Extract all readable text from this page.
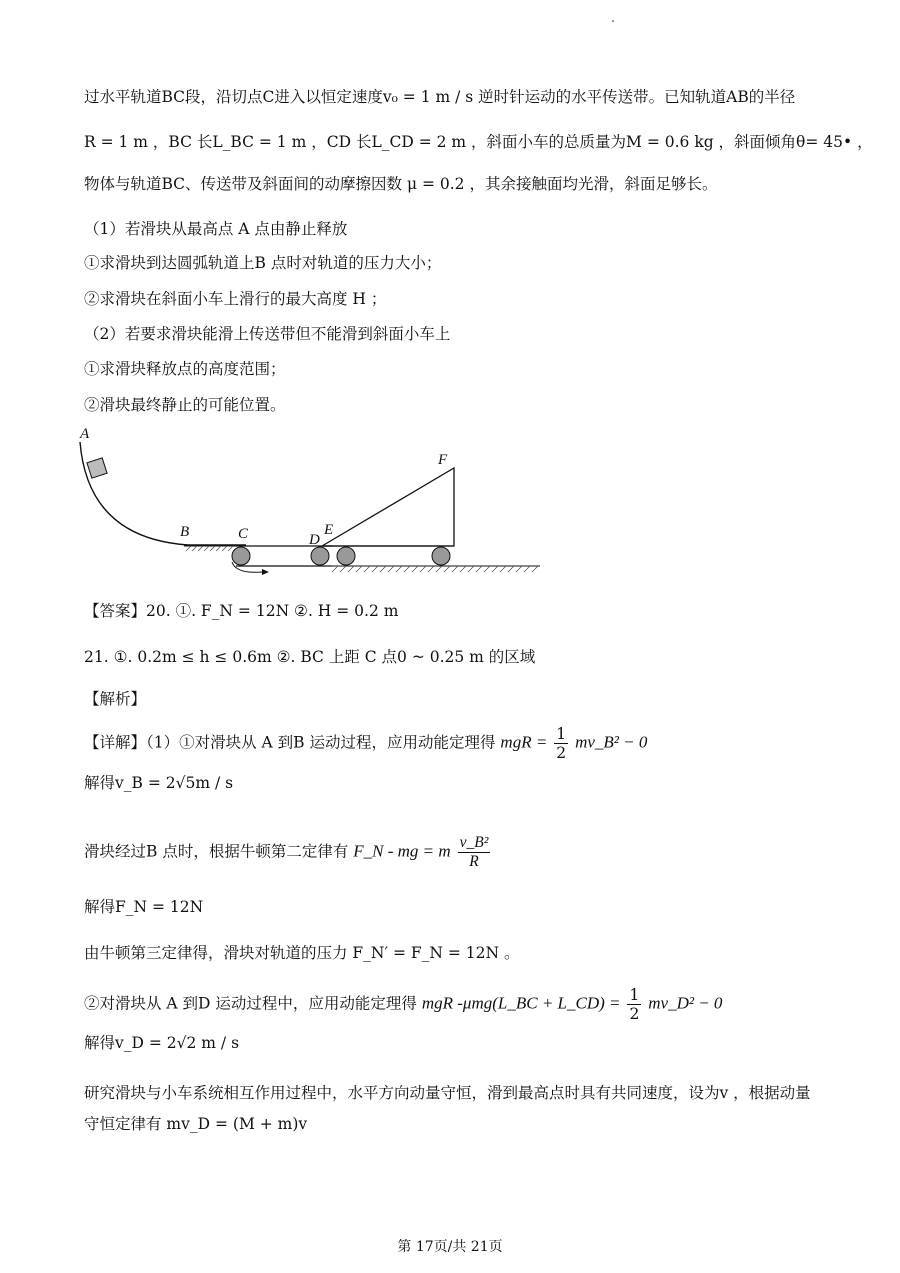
过水平轨道BC段，沿切点C进入以恒定速度v₀ = 1 m / s 逆时针运动的水平传送带。已知轨道AB的半径
R = 1 m ，BC 长L_BC = 1 m ，CD 长L_CD = 2 m ，斜面小车的总质量为M = 0.6 kg ，斜面倾角θ= 45• ，
物体与轨道BC、传送带及斜面间的动摩擦因数 μ = 0.2 ，其余接触面均光滑，斜面足够长。
（1）若滑块从最高点 A 点由静止释放
①求滑块到达圆弧轨道上B 点时对轨道的压力大小；
②求滑块在斜面小车上滑行的最大高度 H ；
（2）若要求滑块能滑上传送带但不能滑到斜面小车上
①求滑块释放点的高度范围；
②滑块最终静止的可能位置。
A
B	C	D
E
F
【答案】20. ①. F_N = 12N ②. H = 0.2 m
21. ①. 0.2m ≤ h ≤ 0.6m ②. BC 上距 C 点0 ~ 0.25 m 的区域
【解析】
【详解】（1）①对滑块从 A 到B 运动过程，应用动能定理得 mgR = $\frac{1}{2}$ mv_B² − 0
解得v_B = 2√5m / s
滑块经过B 点时，根据牛顿第二定律有 F_N - mg = m $\frac{\text{v\_B²}}{R}$
解得F_N = 12N
由牛顿第三定律得，滑块对轨道的压力 F_N′ = F_N = 12N 。
②对滑块从 A 到D 运动过程中，应用动能定理得 mgR -μmg(L_BC + L_CD) = $\frac{1}{2}$ mv_D² − 0
解得v_D = 2√2 m / s
研究滑块与小车系统相互作用过程中，水平方向动量守恒，滑到最高点时具有共同速度，设为v ，根据动量
守恒定律有 mv_D = (M + m)v
第 17页/共 21页
